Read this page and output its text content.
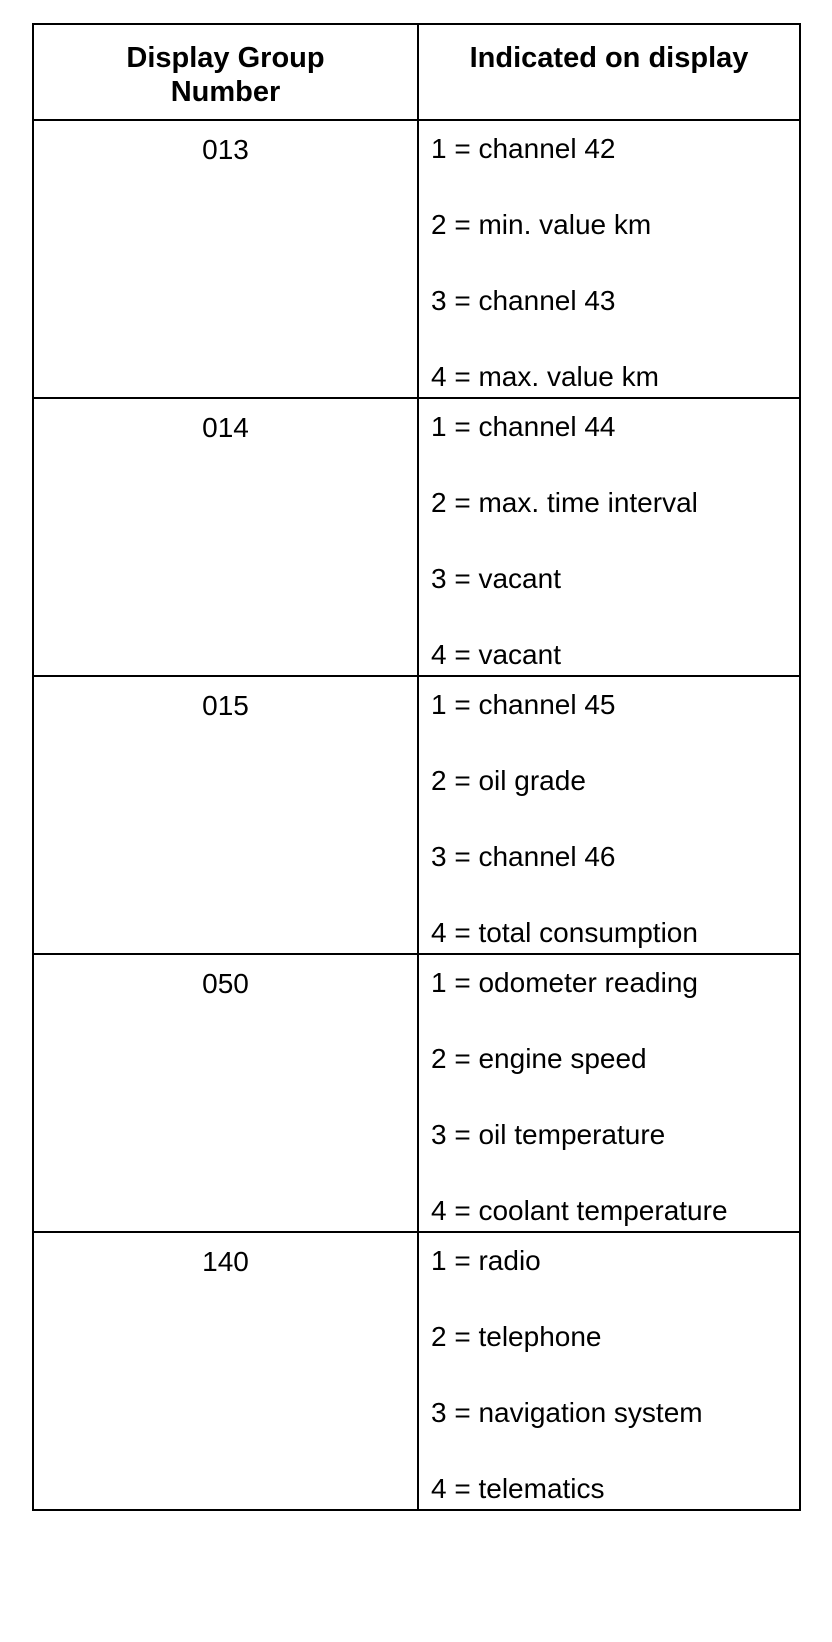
Display Group
Number	Indicated on display
013	1 = channel 42
2 = min. value km
3 = channel 43
4 = max. value km

014	1 = channel 44
2 = max. time interval
3 = vacant
4 = vacant

015	1 = channel 45
2 = oil grade
3 = channel 46
4 = total consumption

050	1 = odometer reading
2 = engine speed
3 = oil temperature
4 = coolant temperature

140	1 = radio
2 = telephone
3 = navigation system
4 = telematics
